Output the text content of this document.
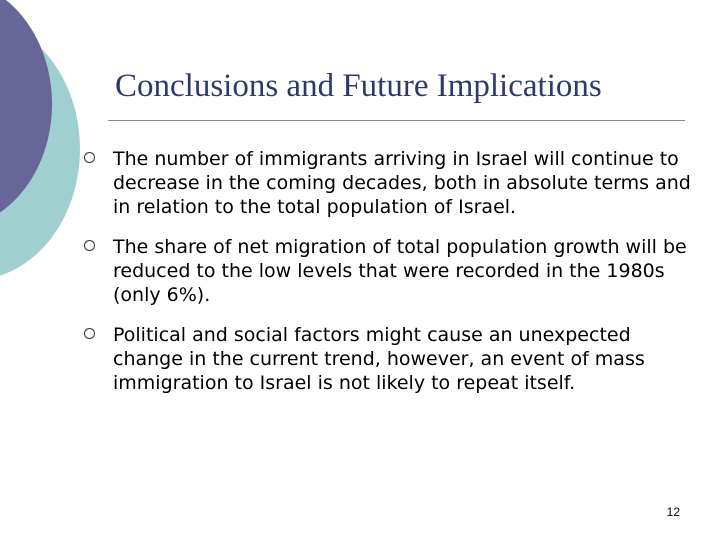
Conclusions and Future Implications
The number of immigrants arriving in Israel will continue to decrease in the coming decades, both in absolute terms and in relation to the total population of Israel.
The share of net migration of total population growth will be reduced to the low levels that were recorded in the 1980s (only 6%).
Political and social factors might cause an unexpected change in the current trend, however, an event of mass immigration to Israel is not likely to repeat itself.
12
